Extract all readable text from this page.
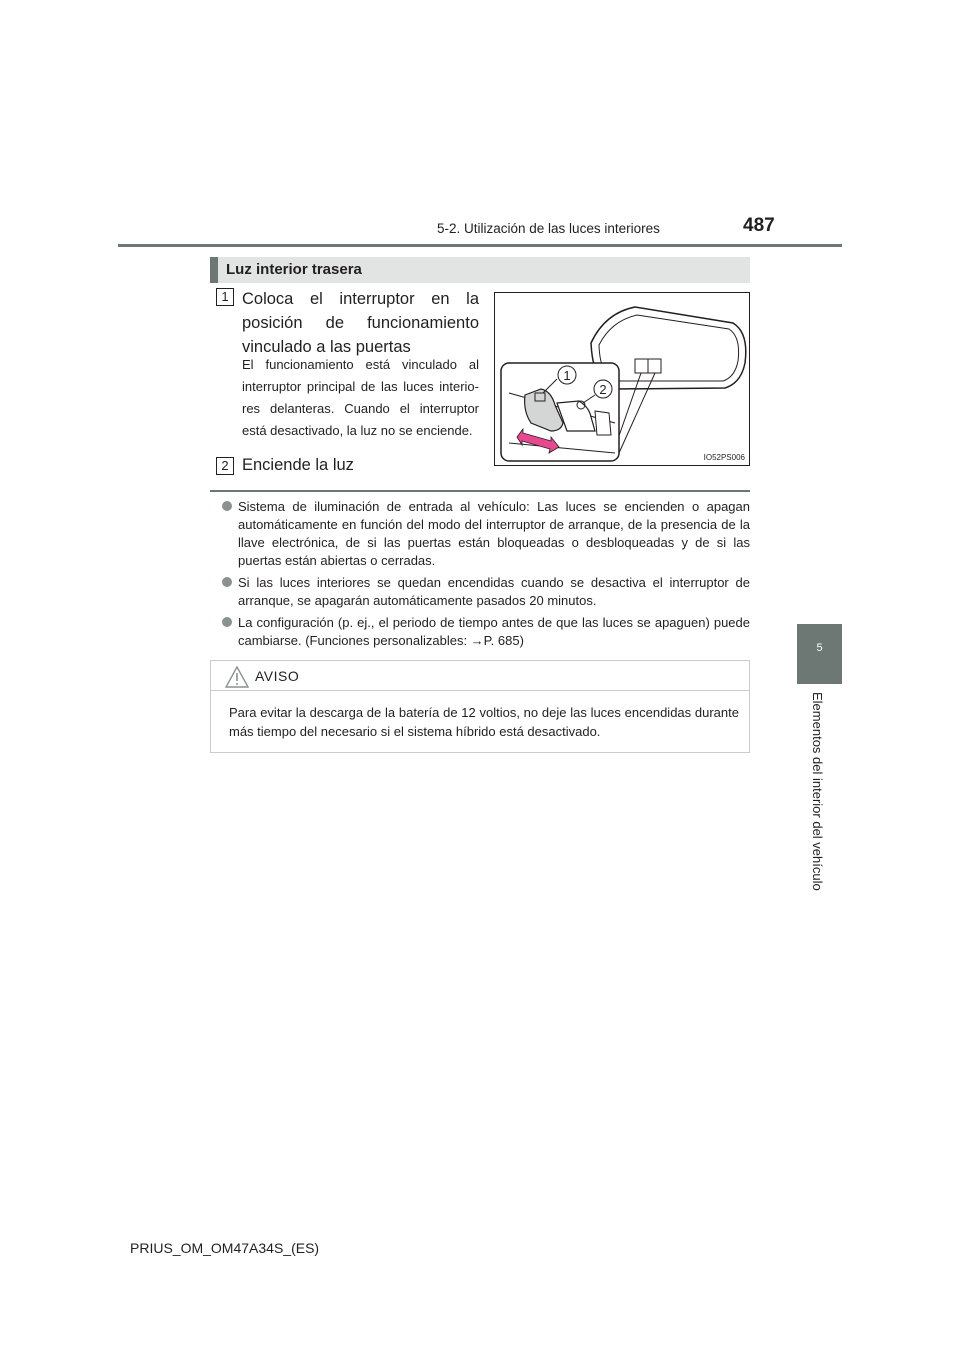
5-2. Utilización de las luces interiores	487
5
Elementos del interior del vehículo
Luz interior trasera
1 Coloca el interruptor en la posición de funcionamiento vinculado a las puertas
El funcionamiento está vinculado al interruptor principal de las luces interio-res delanteras. Cuando el interruptor está desactivado, la luz no se enciende.
2 Enciende la luz
1
2
IO52PS006
Sistema de iluminación de entrada al vehículo: Las luces se encienden o apagan automáticamente en función del modo del interruptor de arranque, de la presencia de la llave electrónica, de si las puertas están bloqueadas o desbloqueadas y de si las puertas están abiertas o cerradas.
Si las luces interiores se quedan encendidas cuando se desactiva el interruptor de arranque, se apagarán automáticamente pasados 20 minutos.
La configuración (p. ej., el periodo de tiempo antes de que las luces se apaguen) puede cambiarse. (Funciones personalizables: →P. 685)
AVISO
Para evitar la descarga de la batería de 12 voltios, no deje las luces encendidas durante más tiempo del necesario si el sistema híbrido está desactivado.
PRIUS_OM_OM47A34S_(ES)
